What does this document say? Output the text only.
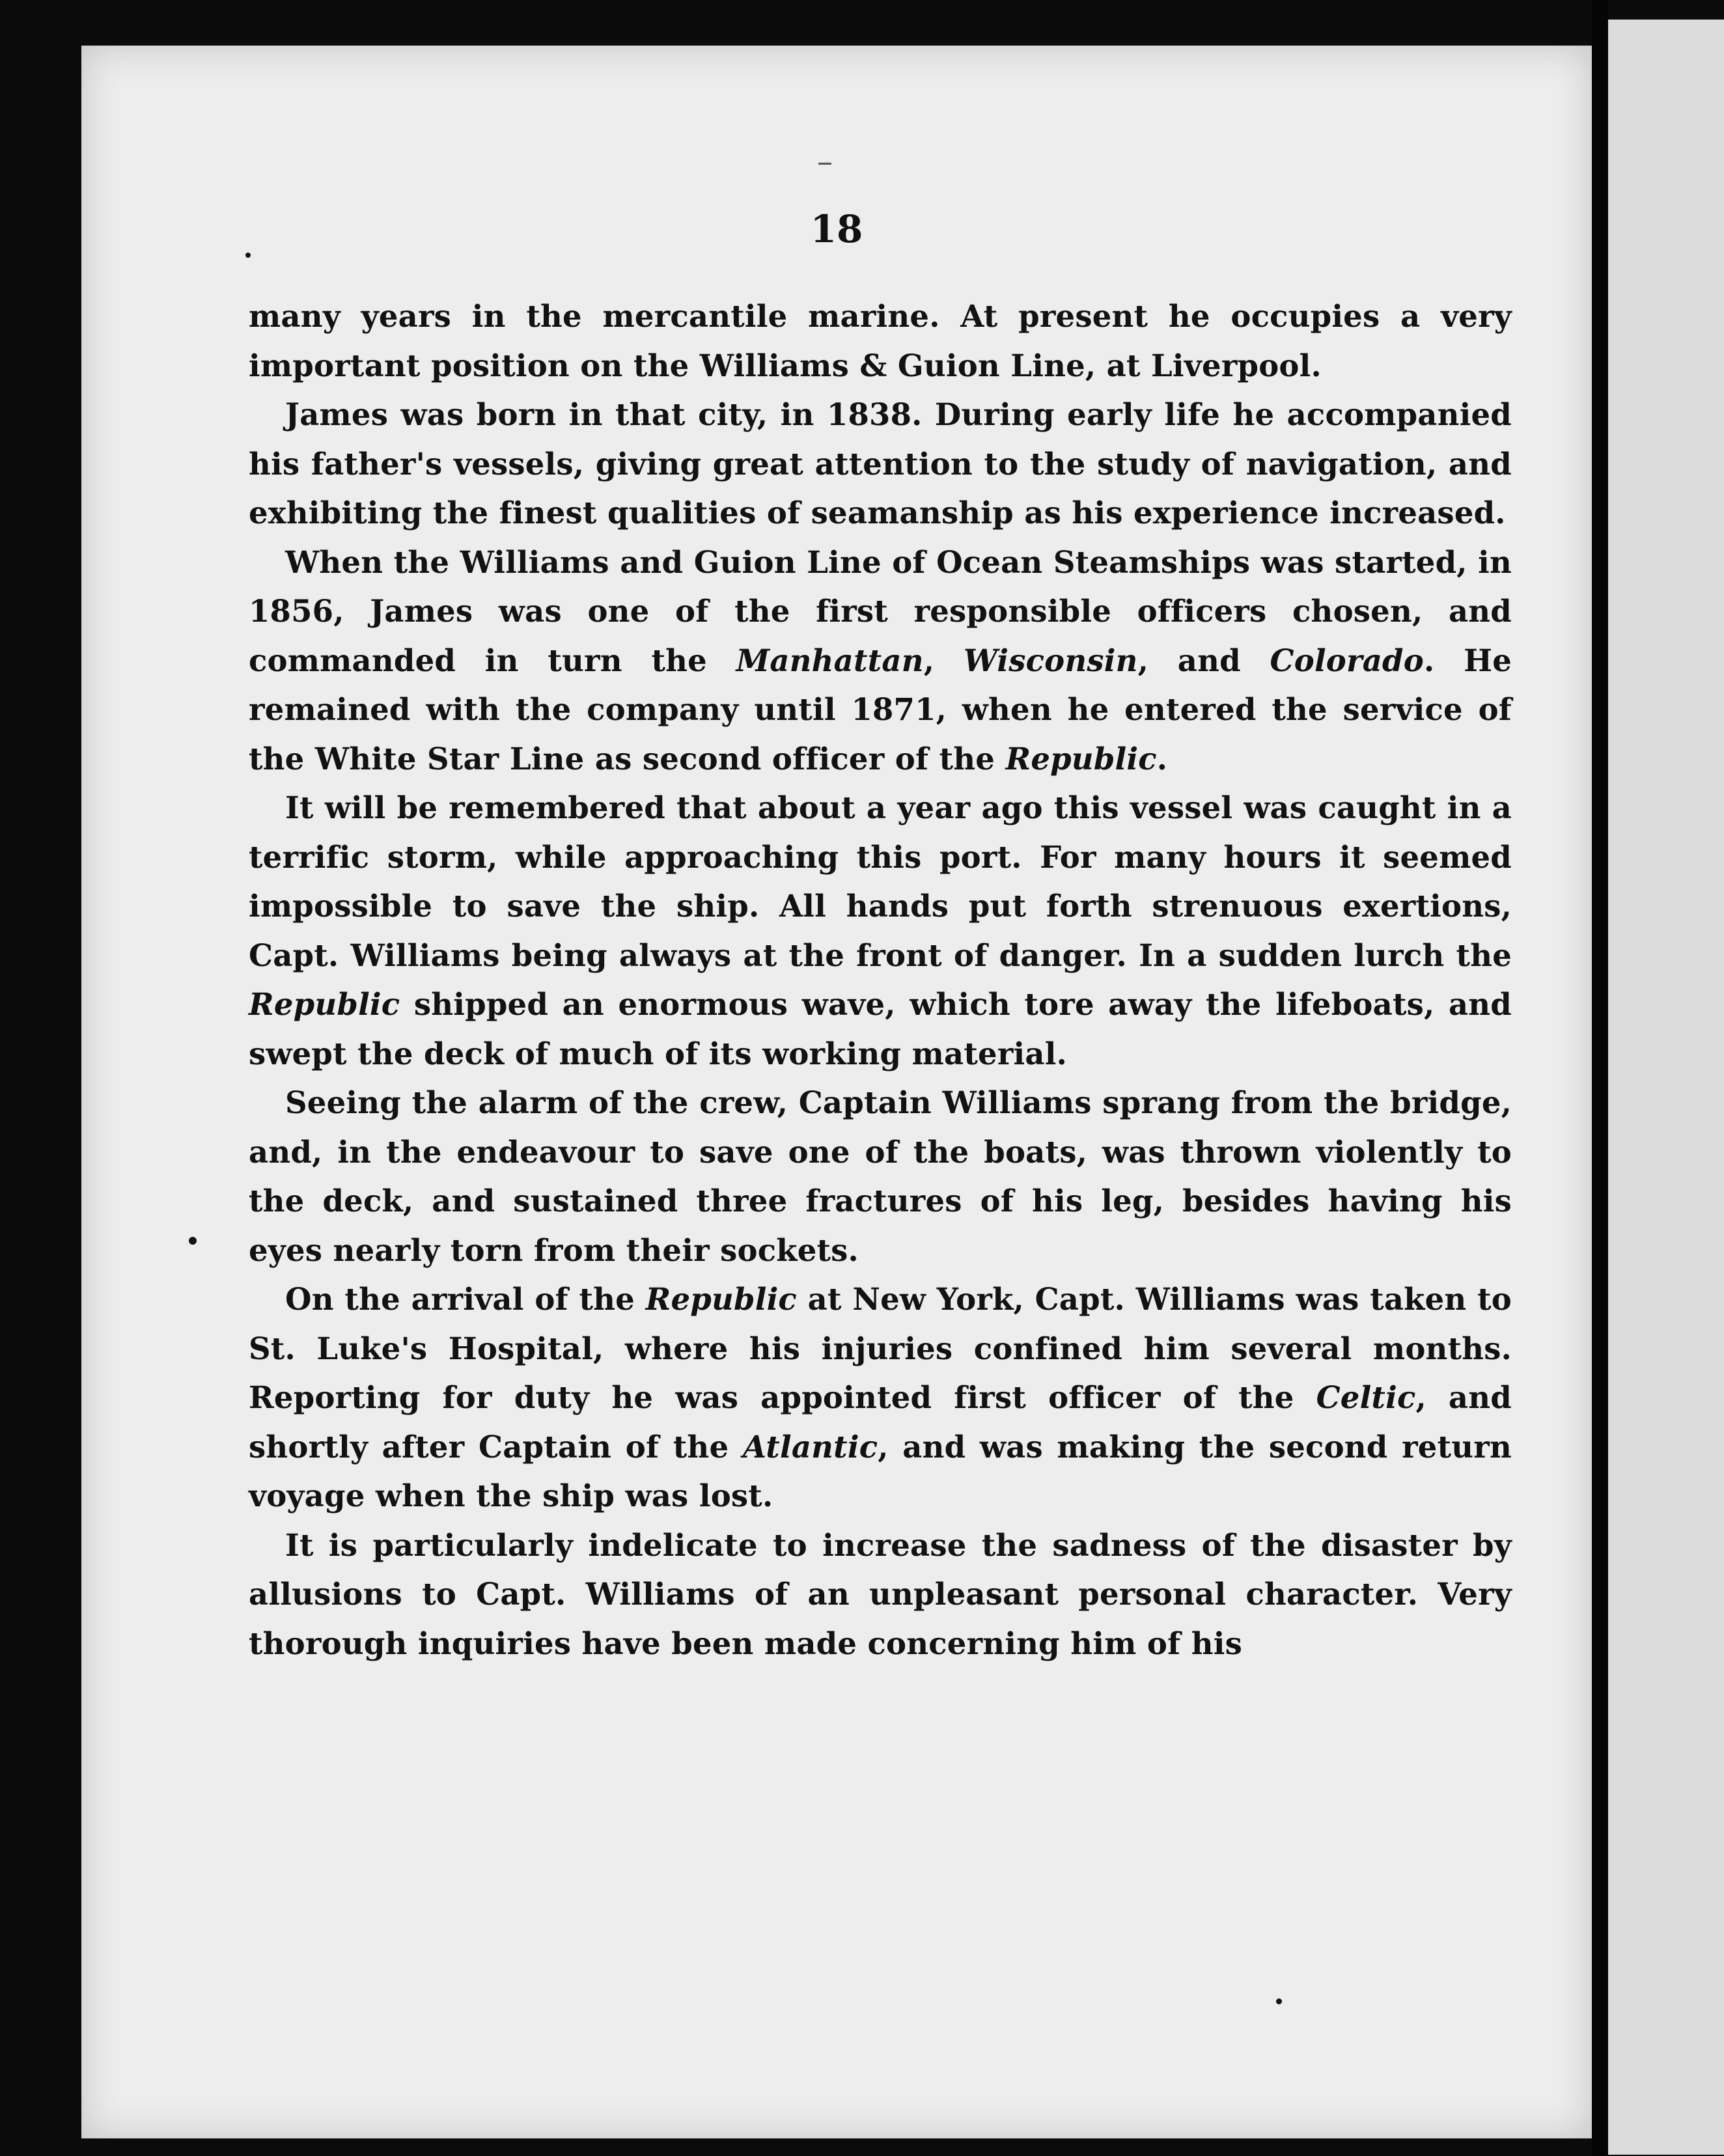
–
18

many years in the mercantile marine. At present he occupies a very important position on the Williams & Guion Line, at Liverpool.

James was born in that city, in 1838. During early life he accompanied his father's vessels, giving great attention to the study of navigation, and exhibiting the finest qualities of seamanship as his experience increased.

When the Williams and Guion Line of Ocean Steamships was started, in 1856, James was one of the first responsible officers chosen, and commanded in turn the Manhattan, Wisconsin, and Colorado. He remained with the company until 1871, when he entered the service of the White Star Line as second officer of the Republic.

It will be remembered that about a year ago this vessel was caught in a terrific storm, while approaching this port. For many hours it seemed impossible to save the ship. All hands put forth strenuous exertions, Capt. Williams being always at the front of danger. In a sudden lurch the Republic shipped an enormous wave, which tore away the lifeboats, and swept the deck of much of its working material.

Seeing the alarm of the crew, Captain Williams sprang from the bridge, and, in the endeavour to save one of the boats, was thrown violently to the deck, and sustained three fractures of his leg, besides having his eyes nearly torn from their sockets.

On the arrival of the Republic at New York, Capt. Williams was taken to St. Luke's Hospital, where his injuries confined him several months. Reporting for duty he was appointed first officer of the Celtic, and shortly after Captain of the Atlantic, and was making the second return voyage when the ship was lost.

It is particularly indelicate to increase the sadness of the disaster by allusions to Capt. Williams of an unpleasant personal character. Very thorough inquiries have been made concerning him of his
